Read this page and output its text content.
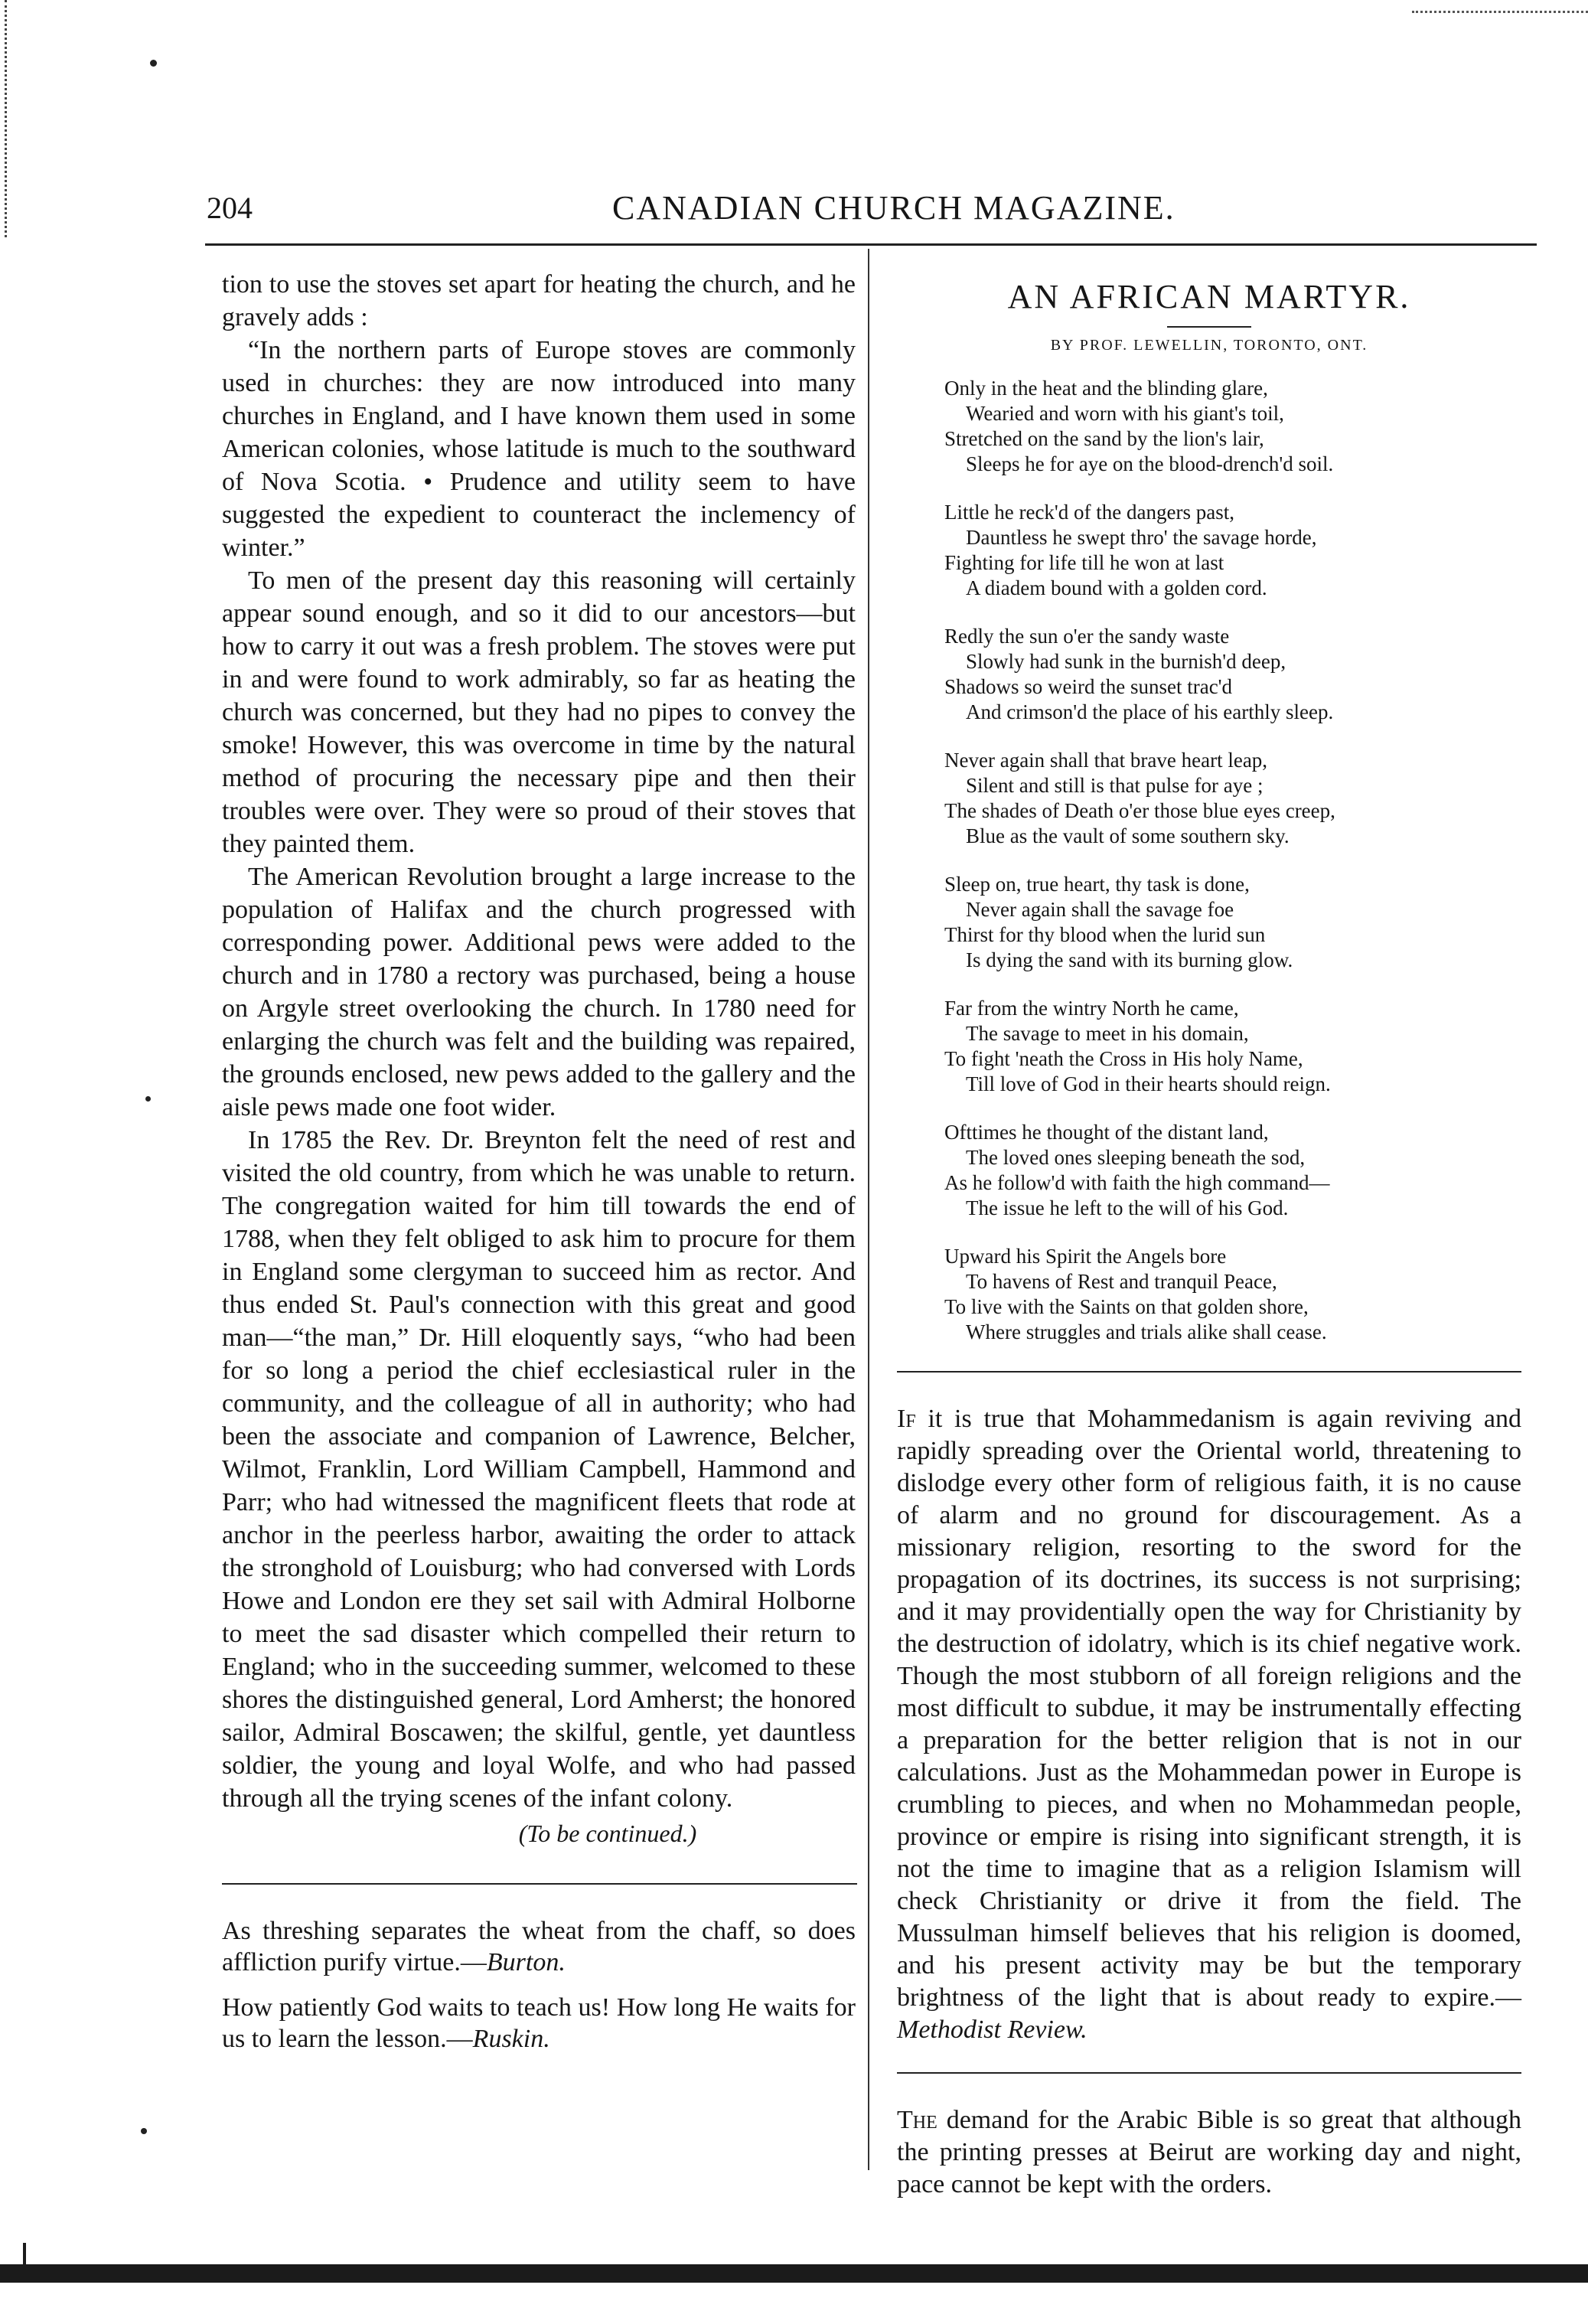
204	CANADIAN CHURCH MAGAZINE.

tion to use the stoves set apart for heating the church, and he gravely adds :

“In the northern parts of Europe stoves are commonly used in churches: they are now introduced into many churches in England, and I have known them used in some American colonies, whose latitude is much to the southward of Nova Scotia. • Prudence and utility seem to have suggested the expedient to counteract the inclemency of winter.”

To men of the present day this reasoning will certainly appear sound enough, and so it did to our ancestors—but how to carry it out was a fresh problem. The stoves were put in and were found to work admirably, so far as heating the church was concerned, but they had no pipes to convey the smoke! However, this was overcome in time by the natural method of procuring the necessary pipe and then their troubles were over. They were so proud of their stoves that they painted them.

The American Revolution brought a large increase to the population of Halifax and the church progressed with corresponding power. Additional pews were added to the church and in 1780 a rectory was purchased, being a house on Argyle street overlooking the church. In 1780 need for enlarging the church was felt and the building was repaired, the grounds enclosed, new pews added to the gallery and the aisle pews made one foot wider.

In 1785 the Rev. Dr. Breynton felt the need of rest and visited the old country, from which he was unable to return. The congregation waited for him till towards the end of 1788, when they felt obliged to ask him to procure for them in England some clergyman to succeed him as rector. And thus ended St. Paul's connection with this great and good man—“the man,” Dr. Hill eloquently says, “who had been for so long a period the chief ecclesiastical ruler in the community, and the colleague of all in authority; who had been the associate and companion of Lawrence, Belcher, Wilmot, Franklin, Lord William Campbell, Hammond and Parr; who had witnessed the magnificent fleets that rode at anchor in the peerless harbor, awaiting the order to attack the stronghold of Louisburg; who had conversed with Lords Howe and London ere they set sail with Admiral Holborne to meet the sad disaster which compelled their return to England; who in the succeeding summer, welcomed to these shores the distinguished general, Lord Amherst; the honored sailor, Admiral Boscawen; the skilful, gentle, yet dauntless soldier, the young and loyal Wolfe, and who had passed through all the trying scenes of the infant colony.

(To be continued.)

As threshing separates the wheat from the chaff, so does affliction purify virtue.—Burton.

How patiently God waits to teach us! How long He waits for us to learn the lesson.—Ruskin.

AN AFRICAN MARTYR.
BY PROF. LEWELLIN, TORONTO, ONT.
Only in the heat and the blinding glare,
Wearied and worn with his giant's toil,
Stretched on the sand by the lion's lair,
Sleeps he for aye on the blood-drench'd soil.
Little he reck'd of the dangers past,
Dauntless he swept thro' the savage horde,
Fighting for life till he won at last
A diadem bound with a golden cord.
Redly the sun o'er the sandy waste
Slowly had sunk in the burnish'd deep,
Shadows so weird the sunset trac'd
And crimson'd the place of his earthly sleep.
Never again shall that brave heart leap,
Silent and still is that pulse for aye ;
The shades of Death o'er those blue eyes creep,
Blue as the vault of some southern sky.
Sleep on, true heart, thy task is done,
Never again shall the savage foe
Thirst for thy blood when the lurid sun
Is dying the sand with its burning glow.
Far from the wintry North he came,
The savage to meet in his domain,
To fight 'neath the Cross in His holy Name,
Till love of God in their hearts should reign.
Ofttimes he thought of the distant land,
The loved ones sleeping beneath the sod,
As he follow'd with faith the high command—
The issue he left to the will of his God.
Upward his Spirit the Angels bore
To havens of Rest and tranquil Peace,
To live with the Saints on that golden shore,
Where struggles and trials alike shall cease.

If it is true that Mohammedanism is again reviving and rapidly spreading over the Oriental world, threatening to dislodge every other form of religious faith, it is no cause of alarm and no ground for discouragement. As a missionary religion, resorting to the sword for the propagation of its doctrines, its success is not surprising; and it may providentially open the way for Christianity by the destruction of idolatry, which is its chief negative work. Though the most stubborn of all foreign religions and the most difficult to subdue, it may be instrumentally effecting a preparation for the better religion that is not in our calculations. Just as the Mohammedan power in Europe is crumbling to pieces, and when no Mohammedan people, province or empire is rising into significant strength, it is not the time to imagine that as a religion Islamism will check Christianity or drive it from the field. The Mussulman himself believes that his religion is doomed, and his present activity may be but the temporary brightness of the light that is about ready to expire.—Methodist Review.

The demand for the Arabic Bible is so great that although the printing presses at Beirut are working day and night, pace cannot be kept with the orders.
